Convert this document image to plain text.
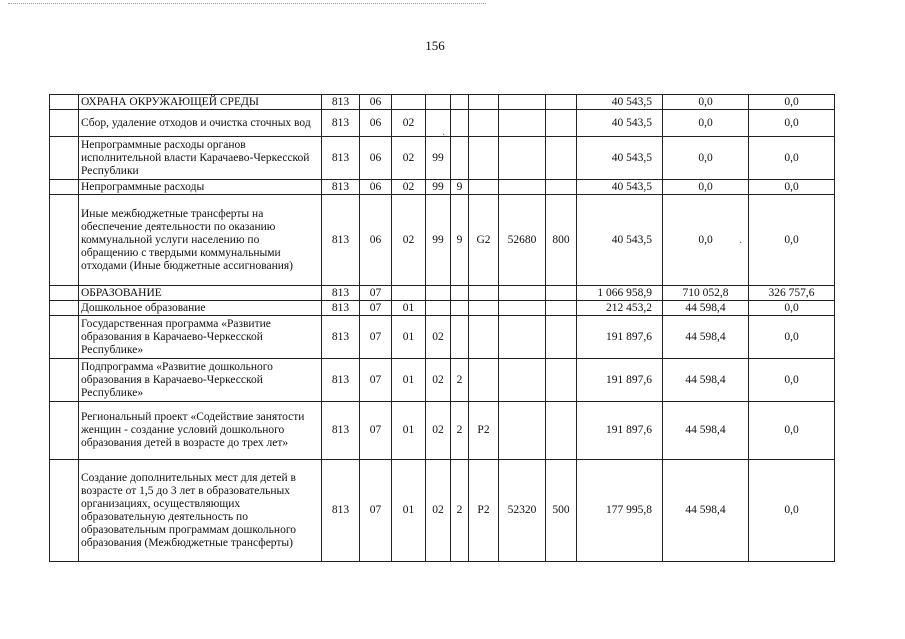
156
	ОХРАНА ОКРУЖАЮЩЕЙ СРЕДЫ	813	06							40 543,5	0,0	0,0
	Сбор, удаление отходов и очистка сточных вод	813	06	02						40 543,5	0,0	0,0
	Непрограммные расходы органов исполнительной власти Карачаево-Черкесской Республики	813	06	02	99					40 543,5	0,0	0,0
	Непрограммные расходы	813	06	02	99	9				40 543,5	0,0	0,0
	Иные межбюджетные трансферты на обеспечение деятельности по оказанию коммунальной услуги населению по обращению с твердыми коммунальными отходами (Иные бюджетные ассигнования)	813	06	02	99	9	G2	52680	800	40 543,5	0,0	0,0
	ОБРАЗОВАНИЕ	813	07							1 066 958,9	710 052,8	326 757,6
	Дошкольное образование	813	07	01						212 453,2	44 598,4	0,0
	Государственная программа «Развитие образования в Карачаево-Черкесской Республике»	813	07	01	02					191 897,6	44 598,4	0,0
	Подпрограмма «Развитие дошкольного образования в Карачаево-Черкесской Республике»	813	07	01	02	2				191 897,6	44 598,4	0,0
	Региональный проект «Содействие занятости женщин - создание условий дошкольного образования детей в возрасте до трех лет»	813	07	01	02	2	P2			191 897,6	44 598,4	0,0
	Создание дополнительных мест для детей в возрасте от 1,5 до 3 лет в образовательных организациях, осуществляющих образовательную деятельность по образовательным программам дошкольного образования (Межбюджетные трансферты)	813	07	01	02	2	P2	52320	500	177 995,8	44 598,4	0,0
·
·
